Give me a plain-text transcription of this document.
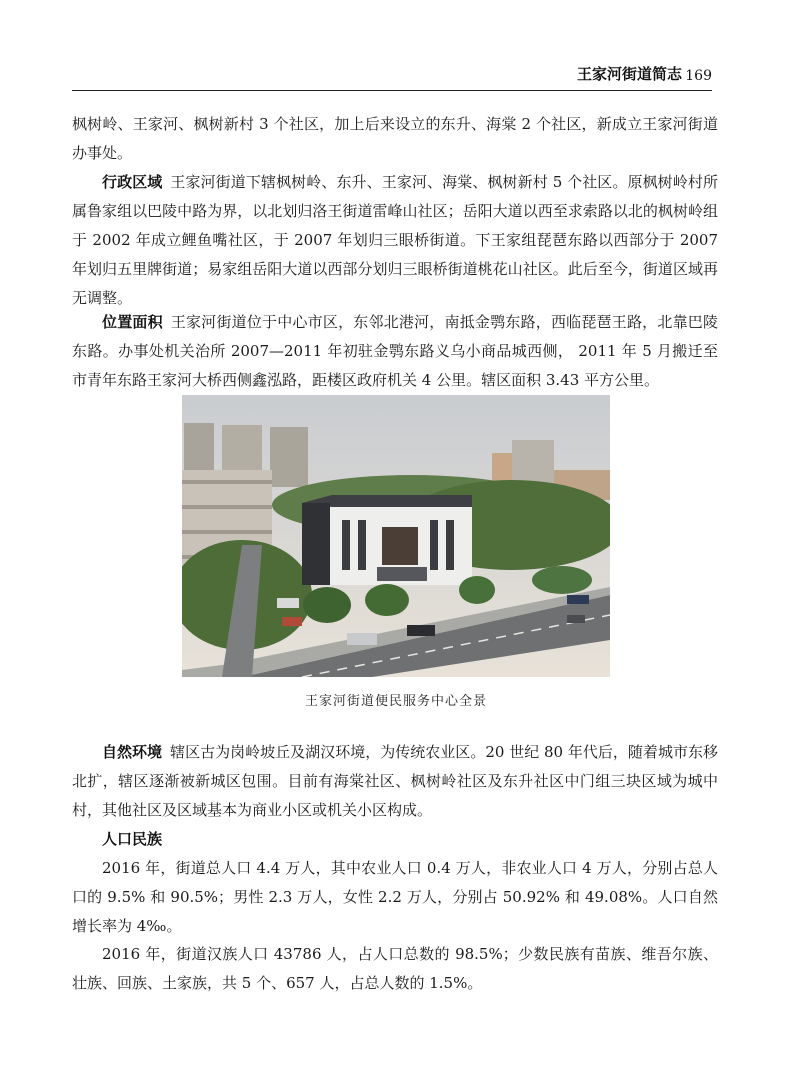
王家河街道简志 169

枫树岭、王家河、枫树新村 3 个社区，加上后来设立的东升、海棠 2 个社区，新成立王家河街道办事处。

行政区域 王家河街道下辖枫树岭、东升、王家河、海棠、枫树新村 5 个社区。原枫树岭村所属鲁家组以巴陵中路为界，以北划归洛王街道雷峰山社区；岳阳大道以西至求索路以北的枫树岭组于 2002 年成立鲤鱼嘴社区，于 2007 年划归三眼桥街道。下王家组琵琶东路以西部分于 2007 年划归五里牌街道；易家组岳阳大道以西部分划归三眼桥街道桃花山社区。此后至今，街道区域再无调整。

位置面积 王家河街道位于中心市区，东邻北港河，南抵金鹗东路，西临琵琶王路，北靠巴陵东路。办事处机关治所 2007—2011 年初驻金鹗东路义乌小商品城西侧， 2011 年 5 月搬迁至市青年东路王家河大桥西侧鑫泓路，距楼区政府机关 4 公里。辖区面积 3.43 平方公里。

王家河街道便民服务中心全景

自然环境 辖区古为岗岭坡丘及湖汉环境，为传统农业区。20 世纪 80 年代后，随着城市东移北扩，辖区逐渐被新城区包围。目前有海棠社区、枫树岭社区及东升社区中门组三块区域为城中村，其他社区及区域基本为商业小区或机关小区构成。

人口民族

2016 年，街道总人口 4.4 万人，其中农业人口 0.4 万人，非农业人口 4 万人，分别占总人口的 9.5% 和 90.5%；男性 2.3 万人，女性 2.2 万人，分别占 50.92% 和 49.08%。人口自然增长率为 4‰。

2016 年，街道汉族人口 43786 人，占人口总数的 98.5%；少数民族有苗族、维吾尔族、壮族、回族、土家族，共 5 个、657 人，占总人数的 1.5%。
